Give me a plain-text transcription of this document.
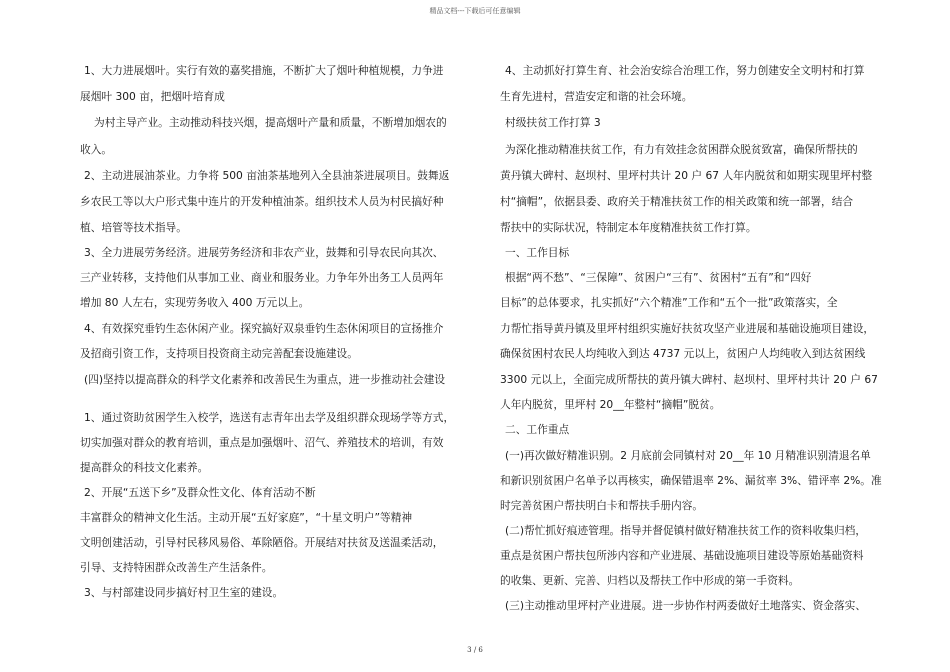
精品文档---下载后可任意编辑
1、大力进展烟叶。实行有效的嘉奖措施，不断扩大了烟叶种植规模，力争进
展烟叶 300 亩，把烟叶培育成
为村主导产业。主动推动科技兴烟，提高烟叶产量和质量，不断增加烟农的
收入。
2、主动进展油茶业。力争将 500 亩油茶基地列入全县油茶进展项目。鼓舞返
乡农民工等以大户形式集中连片的开发种植油茶。组织技术人员为村民搞好种
植、培管等技术指导。
3、全力进展劳务经济。进展劳务经济和非农产业，鼓舞和引导农民向其次、
三产业转移，支持他们从事加工业、商业和服务业。力争年外出务工人员两年
增加 80 人左右，实现劳务收入 400 万元以上。
4、有效探究垂钓生态休闲产业。探究搞好双泉垂钓生态休闲项目的宣扬推介
及招商引资工作，支持项目投资商主动完善配套设施建设。
(四)坚持以提高群众的科学文化素养和改善民生为重点，进一步推动社会建设
1、通过资助贫困学生入校学，选送有志青年出去学及组织群众现场学等方式，
切实加强对群众的教育培训，重点是加强烟叶、沼气、养殖技术的培训，有效
提高群众的科技文化素养。
2、开展“五送下乡”及群众性文化、体育活动不断
丰富群众的精神文化生活。主动开展“五好家庭”，“十星文明户”等精神
文明创建活动，引导村民移风易俗、革除陋俗。开展结对扶贫及送温柔活动，
引导、支持特困群众改善生产生活条件。
3、与村部建设同步搞好村卫生室的建设。
4、主动抓好打算生育、社会治安综合治理工作，努力创建安全文明村和打算
生育先进村，营造安定和谐的社会环境。
村级扶贫工作打算 3
为深化推动精准扶贫工作，有力有效挂念贫困群众脱贫致富，确保所帮扶的
黄丹镇大碑村、赵坝村、里坪村共计 20 户 67 人年内脱贫和如期实现里坪村整
村“摘帽”，依据县委、政府关于精准扶贫工作的相关政策和统一部署，结合
帮扶中的实际状况，特制定本年度精准扶贫工作打算。
一、工作目标
根据“两不愁”、“三保障”、贫困户“三有”、贫困村“五有”和“四好
目标”的总体要求，扎实抓好“六个精准”工作和“五个一批”政策落实，全
力帮忙指导黄丹镇及里坪村组织实施好扶贫攻坚产业进展和基础设施项目建设，
确保贫困村农民人均纯收入到达 4737 元以上，贫困户人均纯收入到达贫困线
3300 元以上，全面完成所帮扶的黄丹镇大碑村、赵坝村、里坪村共计 20 户 67
人年内脱贫，里坪村 20__年整村“摘帽”脱贫。
二、工作重点
(一)再次做好精准识别。2 月底前会同镇村对 20__年 10 月精准识别清退名单
和新识别贫困户名单予以再核实，确保错退率 2%、漏贫率 3%、错评率 2%。准
时完善贫困户帮扶明白卡和帮扶手册内容。
(二)帮忙抓好痕迹管理。指导并督促镇村做好精准扶贫工作的资料收集归档，
重点是贫困户帮扶包所涉内容和产业进展、基础设施项目建设等原始基础资料
的收集、更新、完善、归档以及帮扶工作中形成的第一手资料。
(三)主动推动里坪村产业进展。进一步协作村两委做好土地落实、资金落实、
3 / 6
